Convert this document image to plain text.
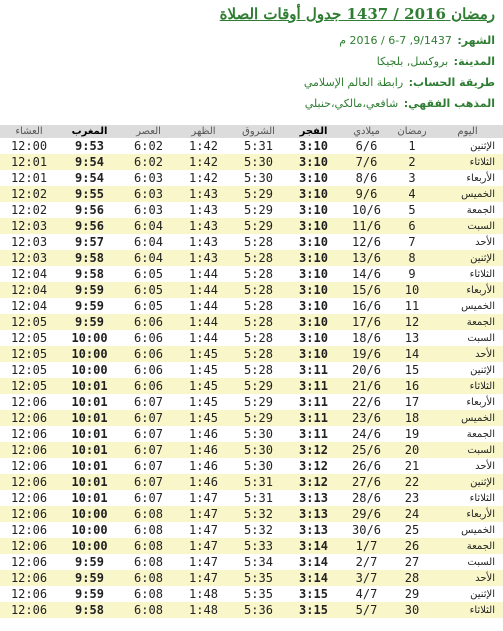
رمضان 2016 / 1437 جدول أوقات الصلاة
الشهر: 9/1437, 7-6 / 2016 م
المدينة: بروكسل, بلجيكا
طريقة الحساب: رابطة العالم الإسلامي
المذهب الفقهي: شافعي،مالكي،حنبلي
العشاء	المغرب	العصر	الظهر	الشروق	الفجر	ميلادي	رمضان	اليوم
12:00	9:53	6:02	1:42	5:31	3:10	6/6	1	الإثنين
12:01	9:54	6:02	1:42	5:30	3:10	7/6	2	الثلاثاء
12:01	9:54	6:03	1:42	5:30	3:10	8/6	3	الأربعاء
12:02	9:55	6:03	1:43	5:29	3:10	9/6	4	الخميس
12:02	9:56	6:03	1:43	5:29	3:10	10/6	5	الجمعة
12:03	9:56	6:04	1:43	5:29	3:10	11/6	6	السبت
12:03	9:57	6:04	1:43	5:28	3:10	12/6	7	الأحد
12:03	9:58	6:04	1:43	5:28	3:10	13/6	8	الإثنين
12:04	9:58	6:05	1:44	5:28	3:10	14/6	9	الثلاثاء
12:04	9:59	6:05	1:44	5:28	3:10	15/6	10	الأربعاء
12:04	9:59	6:05	1:44	5:28	3:10	16/6	11	الخميس
12:05	9:59	6:06	1:44	5:28	3:10	17/6	12	الجمعة
12:05	10:00	6:06	1:44	5:28	3:10	18/6	13	السبت
12:05	10:00	6:06	1:45	5:28	3:10	19/6	14	الأحد
12:05	10:00	6:06	1:45	5:28	3:11	20/6	15	الإثنين
12:05	10:01	6:06	1:45	5:29	3:11	21/6	16	الثلاثاء
12:06	10:01	6:07	1:45	5:29	3:11	22/6	17	الأربعاء
12:06	10:01	6:07	1:45	5:29	3:11	23/6	18	الخميس
12:06	10:01	6:07	1:46	5:30	3:11	24/6	19	الجمعة
12:06	10:01	6:07	1:46	5:30	3:12	25/6	20	السبت
12:06	10:01	6:07	1:46	5:30	3:12	26/6	21	الأحد
12:06	10:01	6:07	1:46	5:31	3:12	27/6	22	الإثنين
12:06	10:01	6:07	1:47	5:31	3:13	28/6	23	الثلاثاء
12:06	10:00	6:08	1:47	5:32	3:13	29/6	24	الأربعاء
12:06	10:00	6:08	1:47	5:32	3:13	30/6	25	الخميس
12:06	10:00	6:08	1:47	5:33	3:14	1/7	26	الجمعة
12:06	9:59	6:08	1:47	5:34	3:14	2/7	27	السبت
12:06	9:59	6:08	1:47	5:35	3:14	3/7	28	الأحد
12:06	9:59	6:08	1:48	5:35	3:15	4/7	29	الإثنين
12:06	9:58	6:08	1:48	5:36	3:15	5/7	30	الثلاثاء
